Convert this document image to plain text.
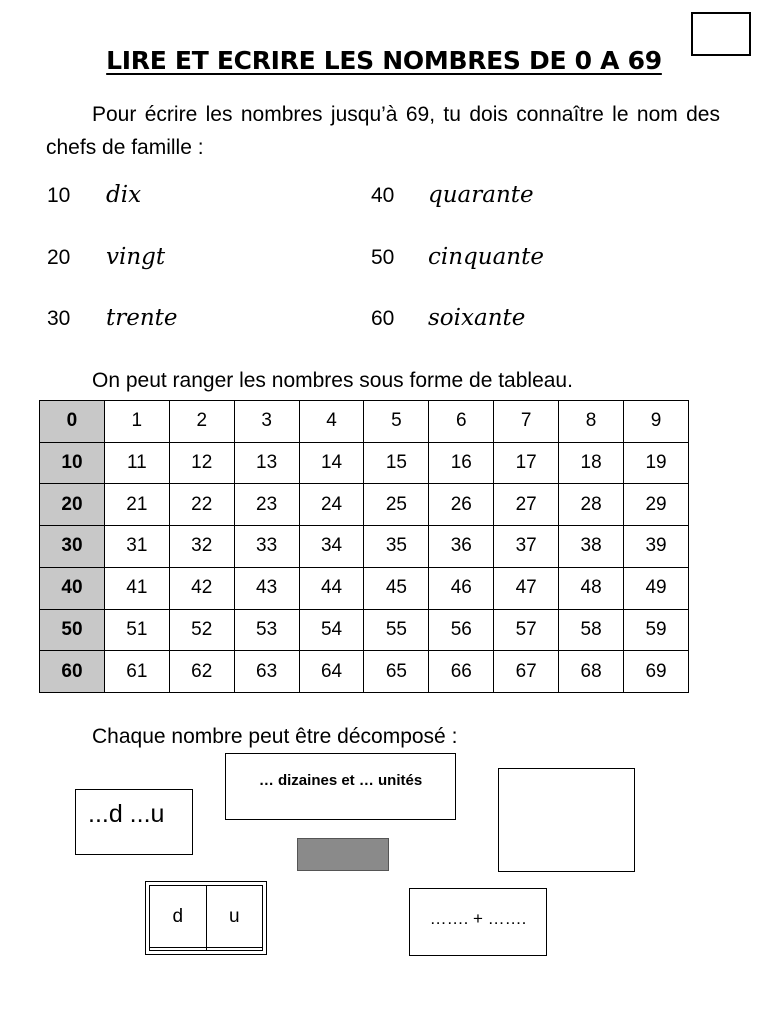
LIRE ET ECRIRE LES NOMBRES DE 0 A 69

Pour écrire les nombres jusqu’à 69, tu dois connaître le nom des chefs de famille :

10 dix
20 vingt
30 trente
40 quarante
50 cinquante
60 soixante
On peut ranger les nombres sous forme de tableau.
0	1	2	3	4	5	6	7	8	9
10	11	12	13	14	15	16	17	18	19
20	21	22	23	24	25	26	27	28	29
30	31	32	33	34	35	36	37	38	39
40	41	42	43	44	45	46	47	48	49
50	51	52	53	54	55	56	57	58	59
60	61	62	63	64	65	66	67	68	69
Chaque nombre peut être décomposé :
...d ...u
… dizaines et … unités
d	u
		……. + …….
